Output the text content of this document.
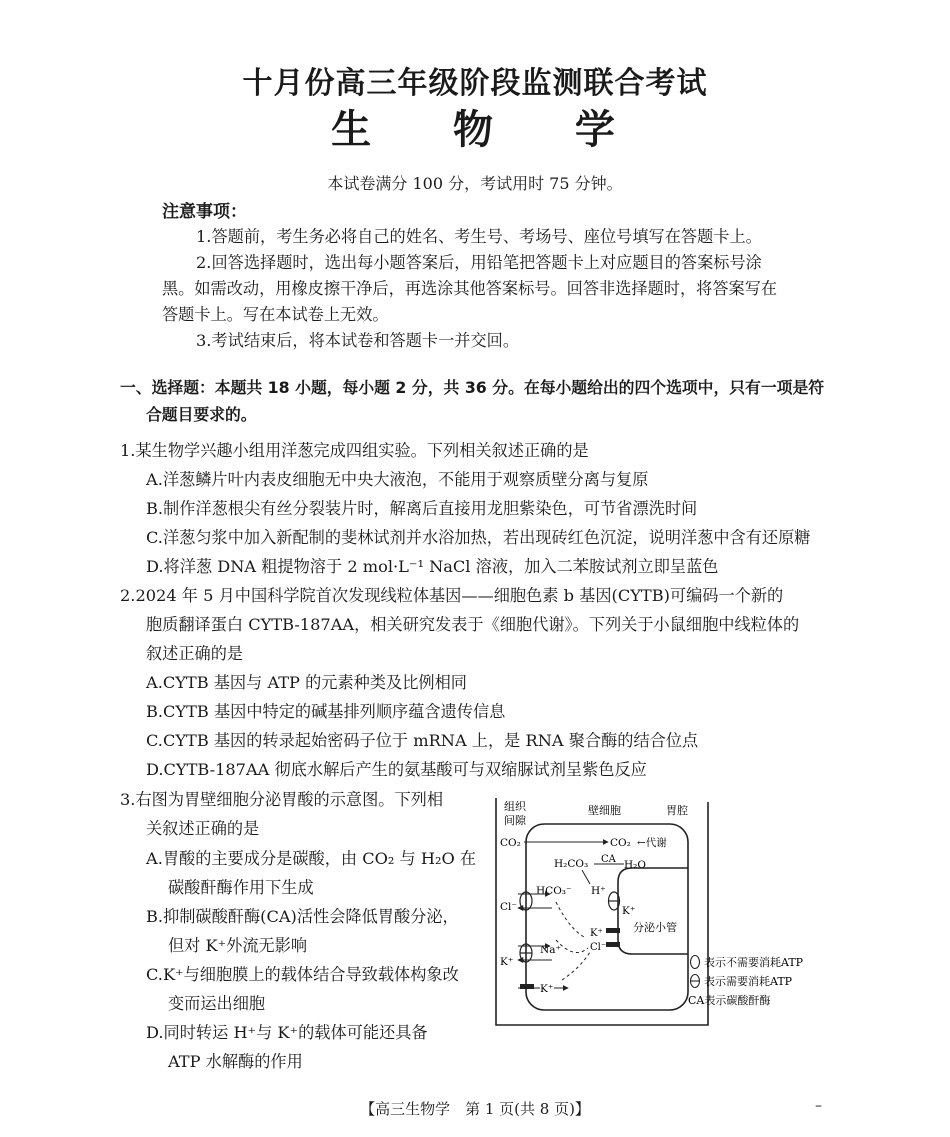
十月份高三年级阶段监测联合考试
生 物 学
本试卷满分 100 分，考试用时 75 分钟。
注意事项：
1.答题前，考生务必将自己的姓名、考生号、考场号、座位号填写在答题卡上。
2.回答选择题时，选出每小题答案后，用铅笔把答题卡上对应题目的答案标号涂
黑。如需改动，用橡皮擦干净后，再选涂其他答案标号。回答非选择题时，将答案写在
答题卡上。写在本试卷上无效。
3.考试结束后，将本试卷和答题卡一并交回。
一、选择题：本题共 18 小题，每小题 2 分，共 36 分。在每小题给出的四个选项中，只有一项是符
合题目要求的。
1.某生物学兴趣小组用洋葱完成四组实验。下列相关叙述正确的是
A.洋葱鳞片叶内表皮细胞无中央大液泡，不能用于观察质壁分离与复原
B.制作洋葱根尖有丝分裂装片时，解离后直接用龙胆紫染色，可节省漂洗时间
C.洋葱匀浆中加入新配制的斐林试剂并水浴加热，若出现砖红色沉淀，说明洋葱中含有还原糖
D.将洋葱 DNA 粗提物溶于 2 mol·L⁻¹ NaCl 溶液，加入二苯胺试剂立即呈蓝色
2.2024 年 5 月中国科学院首次发现线粒体基因——细胞色素 b 基因(CYTB)可编码一个新的
胞质翻译蛋白 CYTB-187AA，相关研究发表于《细胞代谢》。下列关于小鼠细胞中线粒体的
叙述正确的是
A.CYTB 基因与 ATP 的元素种类及比例相同
B.CYTB 基因中特定的碱基排列顺序蕴含遗传信息
C.CYTB 基因的转录起始密码子位于 mRNA 上，是 RNA 聚合酶的结合位点
D.CYTB-187AA 彻底水解后产生的氨基酸可与双缩脲试剂呈紫色反应
3.右图为胃壁细胞分泌胃酸的示意图。下列相
关叙述正确的是
A.胃酸的主要成分是碳酸，由 CO₂ 与 H₂O 在
碳酸酐酶作用下生成
B.抑制碳酸酐酶(CA)活性会降低胃酸分泌，
但对 K⁺外流无影响
C.K⁺与细胞膜上的载体结合导致载体构象改
变而运出细胞
D.同时转运 H⁺与 K⁺的载体可能还具备
ATP 水解酶的作用
组织
间隙
壁细胞	胃腔
CO₂	CO₂ ←代谢
H₂CO₃ CA H₂O
HCO₃⁻ H⁺
Cl⁻	K⁺
K⁺
Cl⁻
分泌小管
Na⁺
K⁺
K⁺
表示不需要消耗ATP
表示需要消耗ATP
CA表示碳酸酐酶
【高三生物学　第 1 页(共 8 页)】	–
